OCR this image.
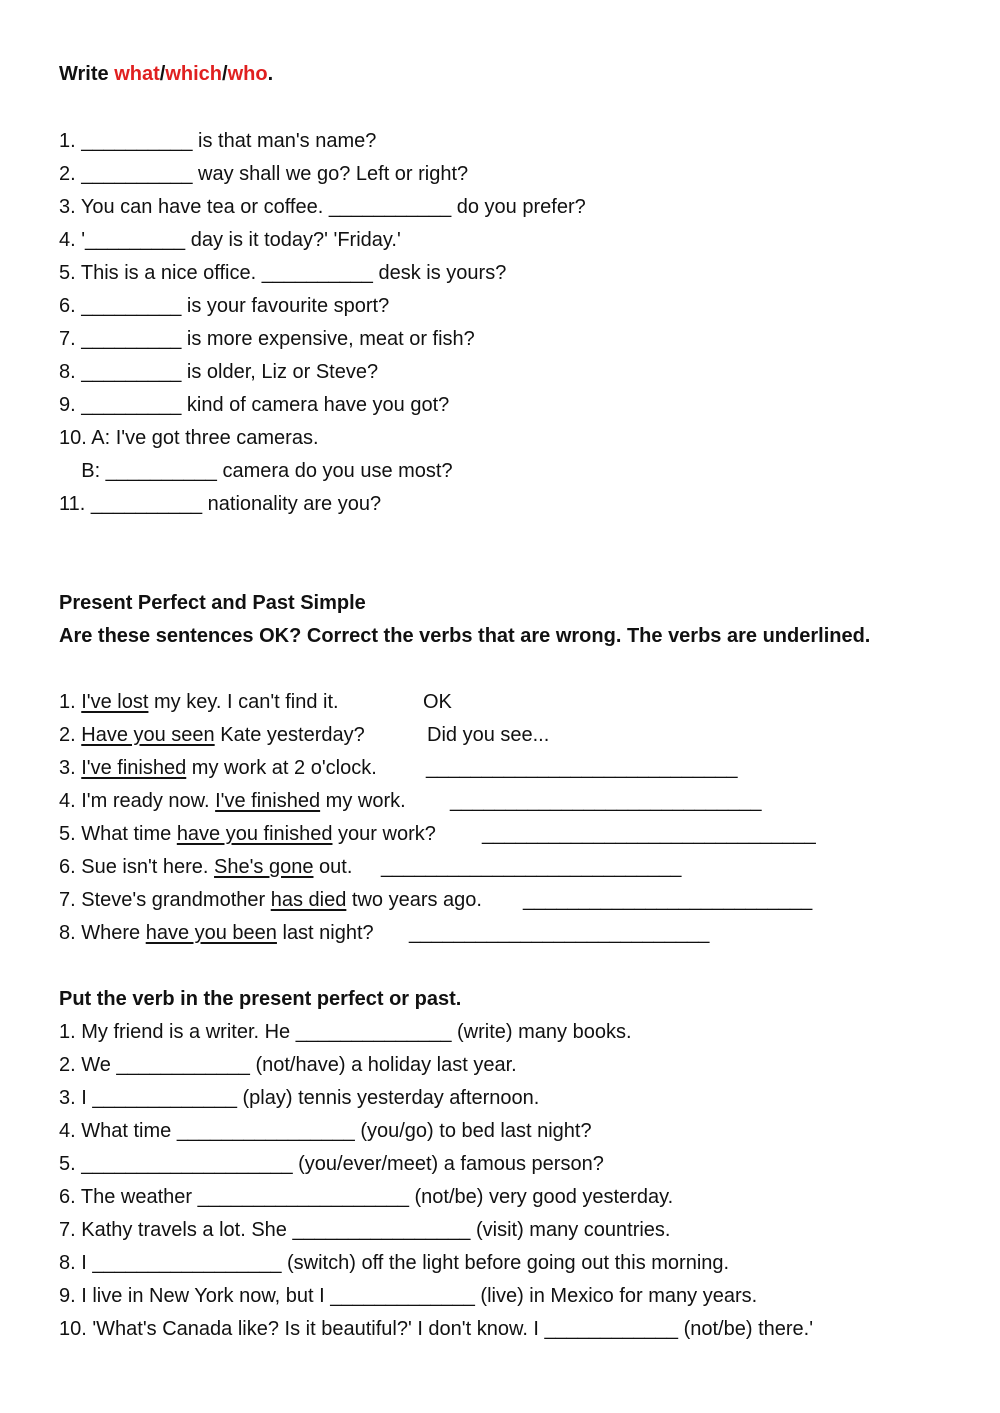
Write what/which/who.
1. __________ is that man's name?
2. __________ way shall we go? Left or right?
3. You can have tea or coffee. ___________ do you prefer?
4. '_________ day is it today?' 'Friday.'
5. This is a nice office. __________ desk is yours?
6. _________ is your favourite sport?
7. _________ is more expensive, meat or fish?
8. _________ is older, Liz or Steve?
9. _________ kind of camera have you got?
10. A: I've got three cameras.
B: __________ camera do you use most?
11. __________ nationality are you?
Present Perfect and Past Simple
Are these sentences OK? Correct the verbs that are wrong. The verbs are underlined.
1. I've lost my key. I can't find it.	OK
2. Have you seen Kate yesterday?	Did you see...
3. I've finished my work at 2 o'clock. ____________________________
4. I'm ready now. I've finished my work. ____________________________
5. What time have you finished your work? ______________________________
6. Sue isn't here. She's gone out. ___________________________
7. Steve's grandmother has died two years ago. __________________________
8. Where have you been last night? ___________________________
Put the verb in the present perfect or past.
1. My friend is a writer. He ______________ (write) many books.
2. We ____________ (not/have) a holiday last year.
3. I _____________ (play) tennis yesterday afternoon.
4. What time ________________ (you/go) to bed last night?
5. ___________________ (you/ever/meet) a famous person?
6. The weather ___________________ (not/be) very good yesterday.
7. Kathy travels a lot. She ________________ (visit) many countries.
8. I _________________ (switch) off the light before going out this morning.
9. I live in New York now, but I _____________ (live) in Mexico for many years.
10. 'What's Canada like? Is it beautiful?' I don't know. I ____________ (not/be) there.'
